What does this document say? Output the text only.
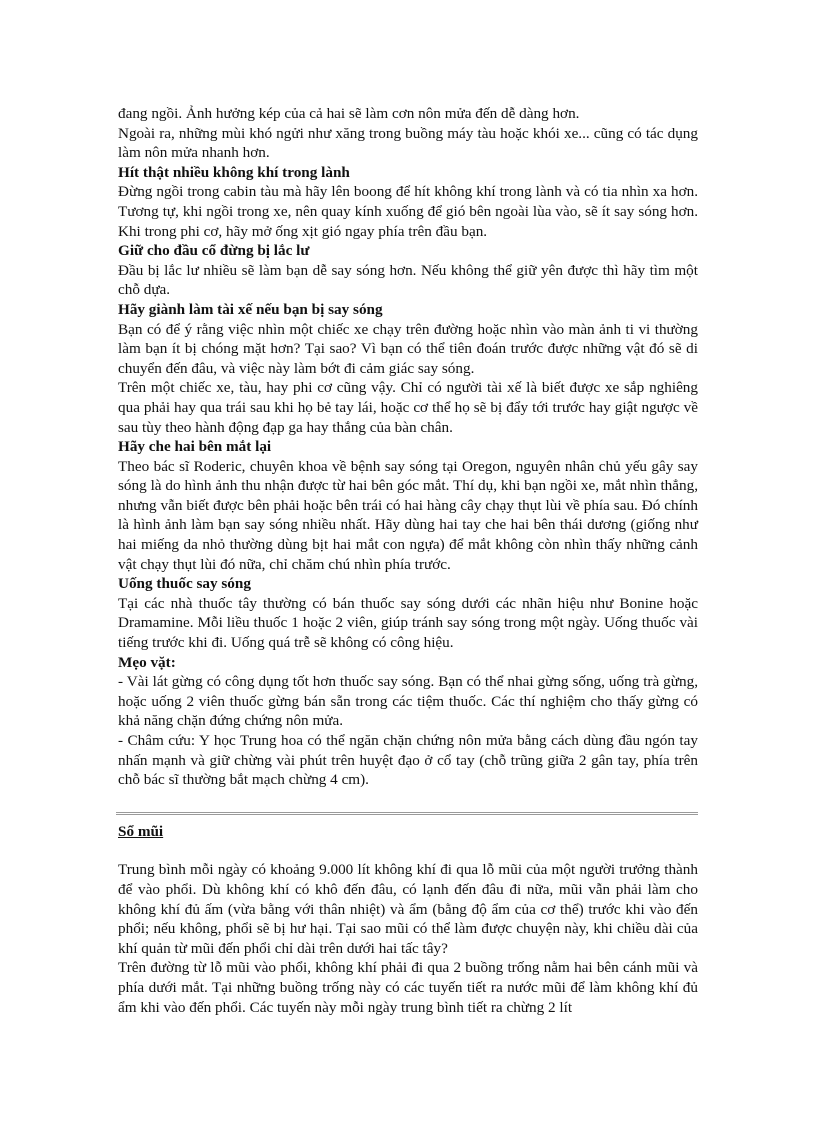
đang ngồi. Ảnh hưởng kép của cả hai sẽ làm cơn nôn mửa đến dễ dàng hơn.

Ngoài ra, những mùi khó ngửi như xăng trong buồng máy tàu hoặc khói xe... cũng có tác dụng làm nôn mửa nhanh hơn.

Hít thật nhiều không khí trong lành

Đừng ngồi trong cabin tàu mà hãy lên boong để hít không khí trong lành và có tia nhìn xa hơn. Tương tự, khi ngồi trong xe, nên quay kính xuống để gió bên ngoài lùa vào, sẽ ít say sóng hơn. Khi trong phi cơ, hãy mở ống xịt gió ngay phía trên đầu bạn.

Giữ cho đầu cổ đừng bị lắc lư

Đầu bị lắc lư nhiều sẽ làm bạn dễ say sóng hơn. Nếu không thể giữ yên được thì hãy tìm một chỗ dựa.

Hãy giành làm tài xế nếu bạn bị say sóng

Bạn có để ý rằng việc nhìn một chiếc xe chạy trên đường hoặc nhìn vào màn ảnh ti vi thường làm bạn ít bị chóng mặt hơn? Tại sao? Vì bạn có thể tiên đoán trước được những vật đó sẽ di chuyển đến đâu, và việc này làm bớt đi cảm giác say sóng.

Trên một chiếc xe, tàu, hay phi cơ cũng vậy. Chỉ có người tài xế là biết được xe sắp nghiêng qua phải hay qua trái sau khi họ bẻ tay lái, hoặc cơ thể họ sẽ bị đẩy tới trước hay giật ngược về sau tùy theo hành động đạp ga hay thắng của bàn chân.

Hãy che hai bên mắt lại

Theo bác sĩ Roderic, chuyên khoa về bệnh say sóng tại Oregon, nguyên nhân chủ yếu gây say sóng là do hình ảnh thu nhận được từ hai bên góc mắt. Thí dụ, khi bạn ngồi xe, mắt nhìn thẳng, nhưng vẫn biết được bên phải hoặc bên trái có hai hàng cây chạy thụt lùi về phía sau. Đó chính là hình ảnh làm bạn say sóng nhiều nhất. Hãy dùng hai tay che hai bên thái dương (giống như hai miếng da nhỏ thường dùng bịt hai mắt con ngựa) để mắt không còn nhìn thấy những cảnh vật chạy thụt lùi đó nữa, chỉ chăm chú nhìn phía trước.

Uống thuốc say sóng

Tại các nhà thuốc tây thường có bán thuốc say sóng dưới các nhãn hiệu như Bonine hoặc Dramamine. Mỗi liều thuốc 1 hoặc 2 viên, giúp tránh say sóng trong một ngày. Uống thuốc vài tiếng trước khi đi. Uống quá trễ sẽ không có công hiệu.

Mẹo vặt:

- Vài lát gừng có công dụng tốt hơn thuốc say sóng. Bạn có thể nhai gừng sống, uống trà gừng, hoặc uống 2 viên thuốc gừng bán sẵn trong các tiệm thuốc. Các thí nghiệm cho thấy gừng có khả năng chặn đứng chứng nôn mửa.

- Châm cứu: Y học Trung hoa có thể ngăn chặn chứng nôn mửa bằng cách dùng đầu ngón tay nhấn mạnh và giữ chừng vài phút trên huyệt đạo ở cổ tay (chỗ trũng giữa 2 gân tay, phía trên chỗ bác sĩ thường bắt mạch chừng 4 cm).

Sổ mũi

Trung bình mỗi ngày có khoảng 9.000 lít không khí đi qua lỗ mũi của một người trưởng thành để vào phổi. Dù không khí có khô đến đâu, có lạnh đến đâu đi nữa, mũi vẫn phải làm cho không khí đủ ấm (vừa bằng với thân nhiệt) và ẩm (bằng độ ẩm của cơ thể) trước khi vào đến phổi; nếu không, phổi sẽ bị hư hại. Tại sao mũi có thể làm được chuyện này, khi chiều dài của khí quản từ mũi đến phổi chỉ dài trên dưới hai tấc tây?

Trên đường từ lỗ mũi vào phổi, không khí phải đi qua 2 buồng trống nằm hai bên cánh mũi và phía dưới mắt. Tại những buồng trống này có các tuyến tiết ra nước mũi để làm không khí đủ ẩm khi vào đến phổi. Các tuyến này mỗi ngày trung bình tiết ra chừng 2 lít
